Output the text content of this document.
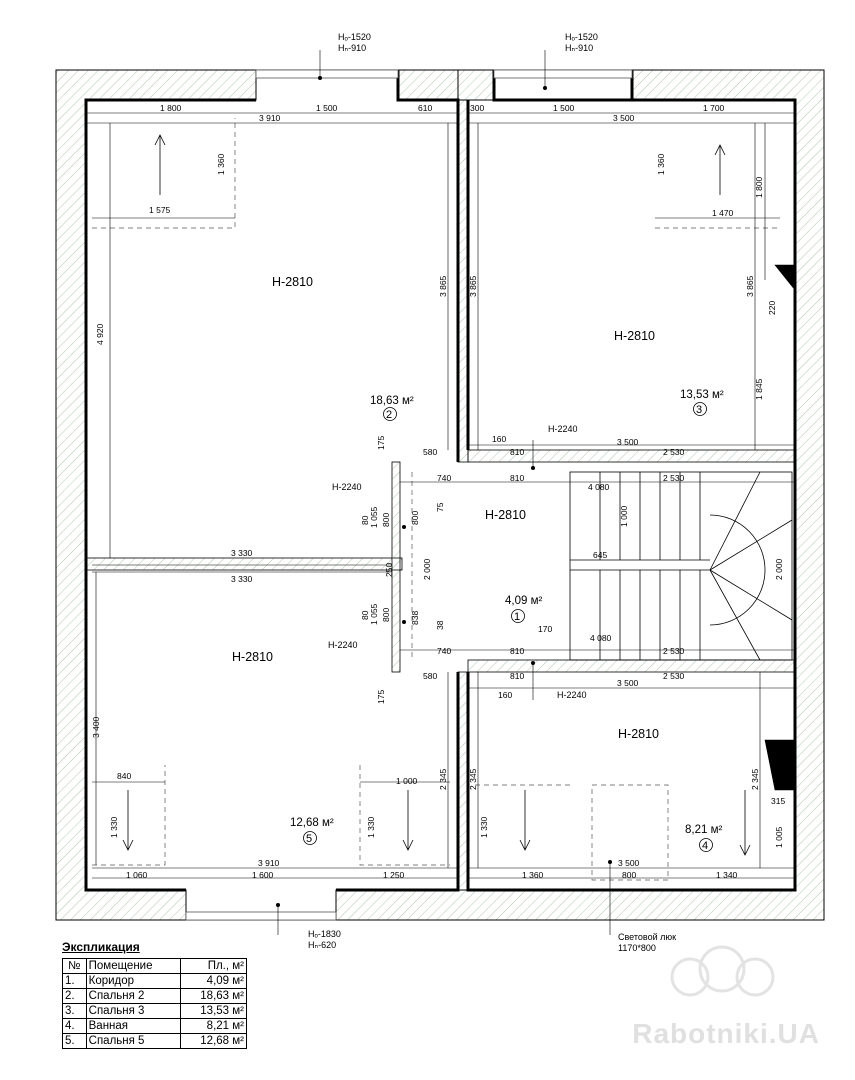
Hₒ-1520
Hₙ-910
Hₒ-1520
Hₙ-910
Hₒ-1830
Hₙ-620
H-2810
18,63 м²
2
H-2810
13,53 м²
3
H-2810
4,09 м²
1
H-2810
12,68 м²
5
H-2810
8,21 м²
4
H-2240
H-2240
H-2240
H-2240
Световой люк
1170*800
1 800	1 500	610
3 910
300	1 500	1 700
3 500
1 575	1 470
580
160
810
3 500
2 530
740	810
4 080
2 530
645
3 330
3 330
170
4 080
740	810	2 530
580	810
3 500
2 530
160
840	1 000
315
3 910
1 060	1 600	1 250
3 500
1 360	800	1 340
1 360	1 360
1 800
4 920
3 865 3 865	3 865
220
1 845
175
80 1 055 800 800
75	1 000
250	2 000	2 000
80 1 055 800 838
38
175
3 400
1 330	1 330
2 345 2 345
1 330
2 345 590
1 005
Rabotniki.UA
Экспликация
№	Помещение	Пл., м²
1.	Коридор	4,09 м²
2.	Спальня 2	18,63 м²
3.	Спальня 3	13,53 м²
4.	Ванная	8,21 м²
5.	Спальня 5	12,68 м²
